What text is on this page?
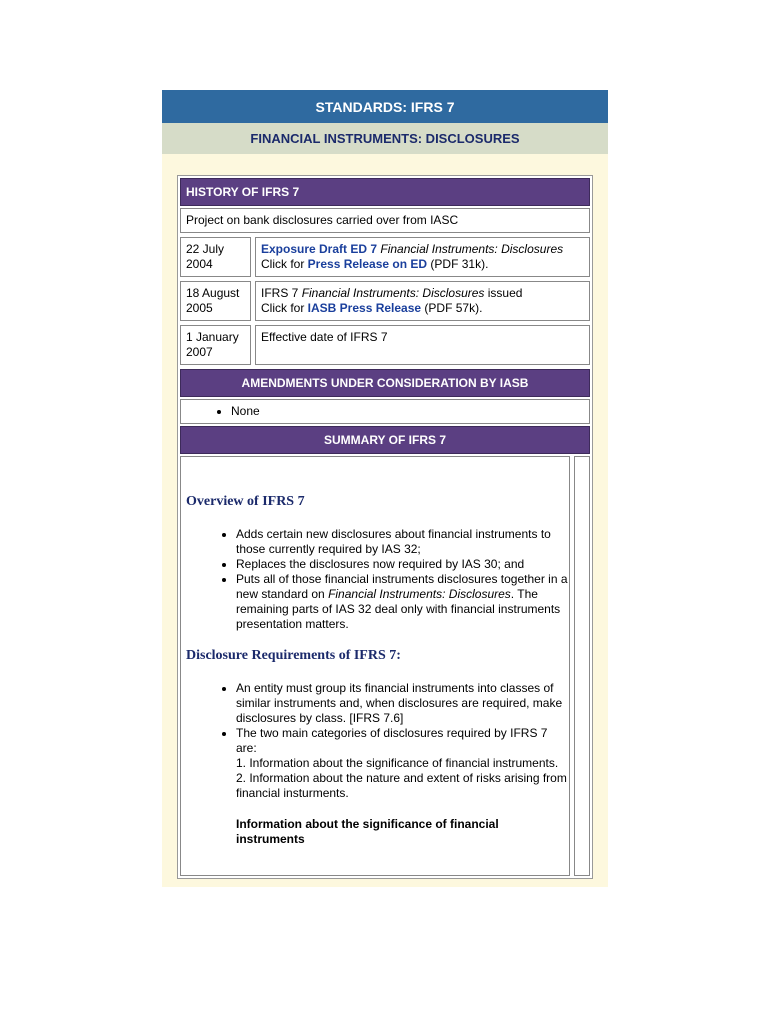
STANDARDS: IFRS 7
FINANCIAL INSTRUMENTS: DISCLOSURES
HISTORY OF IFRS 7
Project on bank disclosures carried over from IASC
22 July 2004
Exposure Draft ED 7 Financial Instruments: Disclosures
Click for Press Release on ED (PDF 31k).
18 August 2005
IFRS 7 Financial Instruments: Disclosures issued
Click for IASB Press Release (PDF 57k).
1 January 2007
Effective date of IFRS 7
AMENDMENTS UNDER CONSIDERATION BY IASB
• None
SUMMARY OF IFRS 7
Overview of IFRS 7
• Adds certain new disclosures about financial instruments to those currently required by IAS 32;
• Replaces the disclosures now required by IAS 30; and
• Puts all of those financial instruments disclosures together in a new standard on Financial Instruments: Disclosures. The remaining parts of IAS 32 deal only with financial instruments presentation matters.
Disclosure Requirements of IFRS 7:
• An entity must group its financial instruments into classes of similar instruments and, when disclosures are required, make disclosures by class. [IFRS 7.6]
• The two main categories of disclosures required by IFRS 7 are:
1. Information about the significance of financial instruments.
2. Information about the nature and extent of risks arising from financial insturments.
Information about the significance of financial instruments
